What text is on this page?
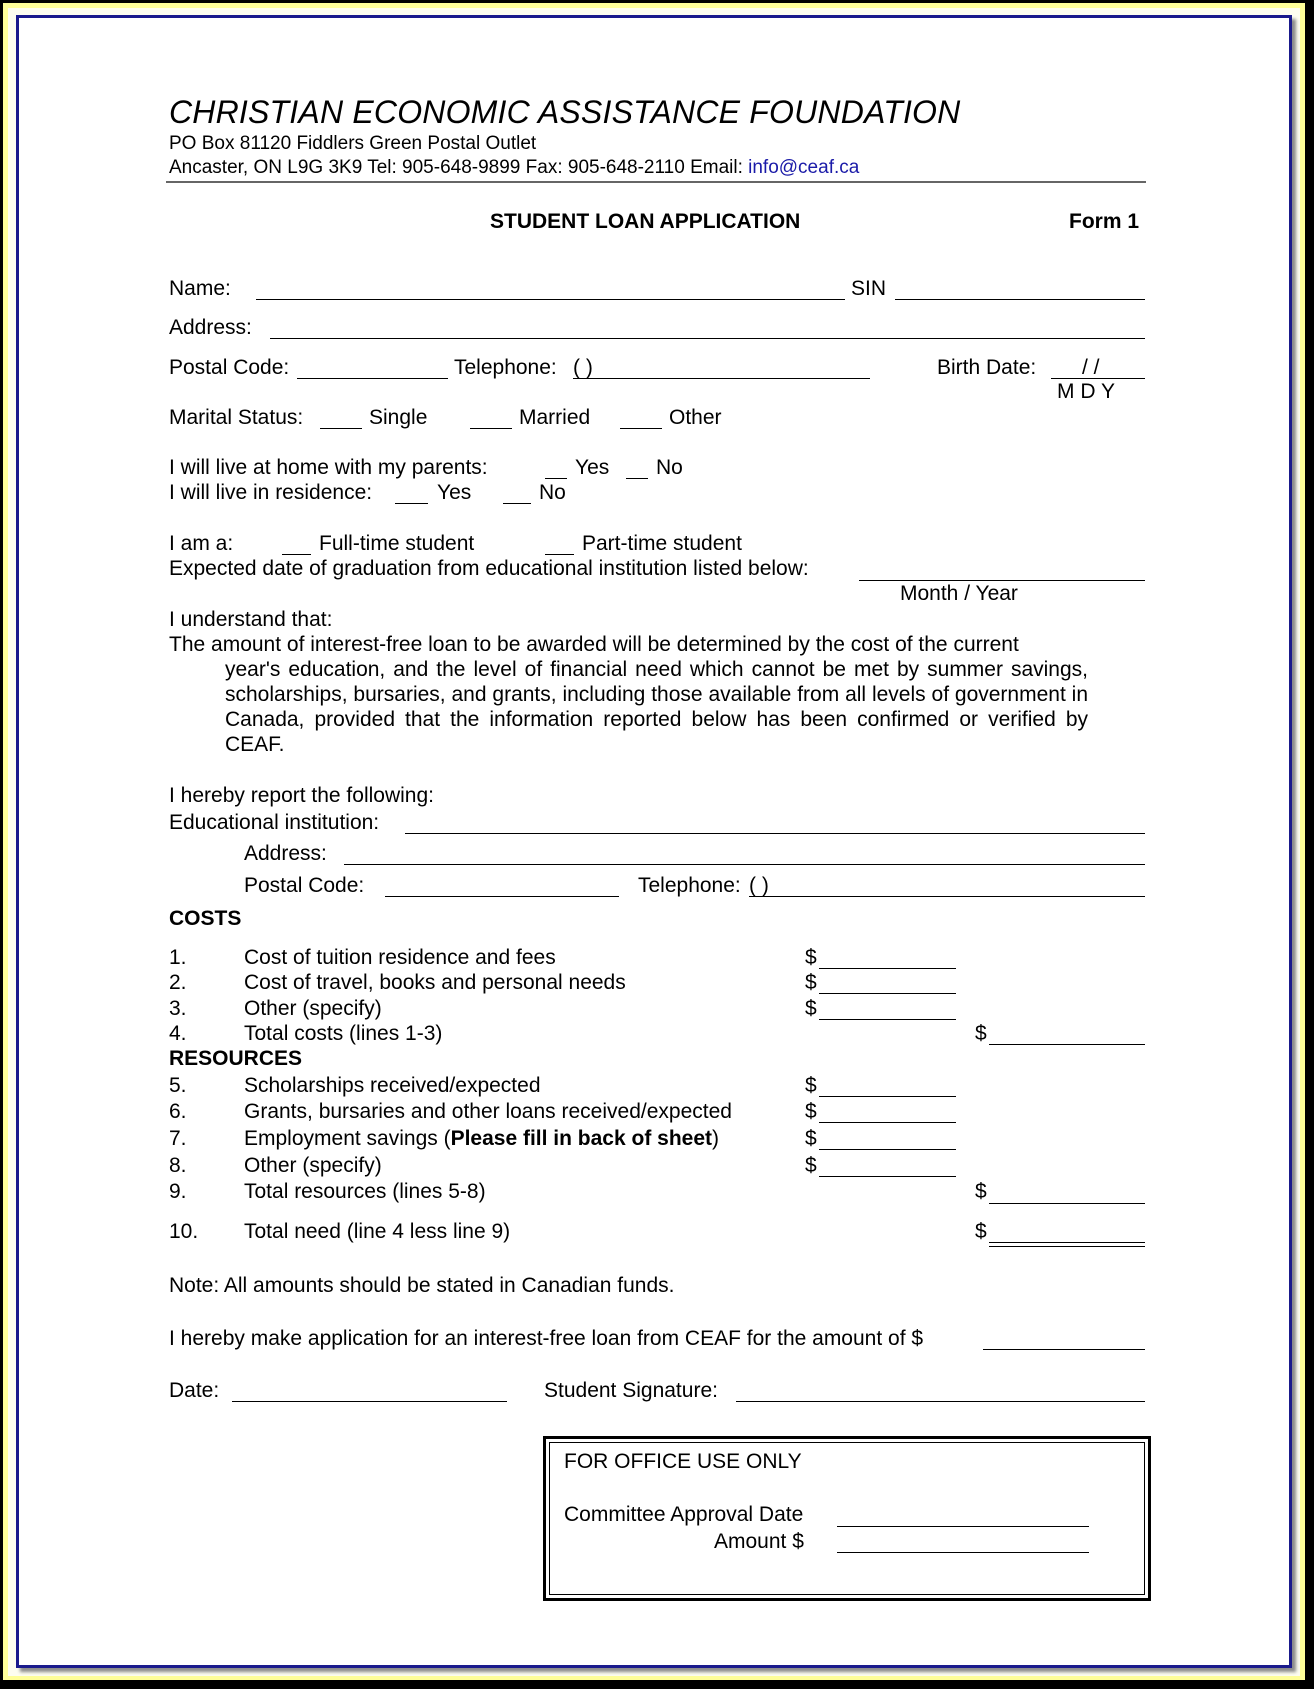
CHRISTIAN ECONOMIC ASSISTANCE FOUNDATION
PO Box 81120 Fiddlers Green Postal Outlet
Ancaster, ON L9G 3K9 Tel: 905-648-9899 Fax: 905-648-2110 Email: info@ceaf.ca
STUDENT LOAN APPLICATION	Form 1
Name:	SIN
Address:
Postal Code:	Telephone: ( )	Birth Date: / /
M D Y
Marital Status:	Single	Married	Other
I will live at home with my parents:	Yes No
I will live in residence:	Yes	No
I am a:	Full-time student	Part-time student
Expected date of graduation from educational institution listed below:
Month / Year
I understand that:
The amount of interest-free loan to be awarded will be determined by the cost of the current
year's education, and the level of financial need which cannot be met by summer savings, scholarships, bursaries, and grants, including those available from all levels of government in Canada, provided that the information reported below has been confirmed or verified by CEAF.
I hereby report the following:
Educational institution:
Address:
Postal Code:	Telephone: ( )
COSTS
1.	Cost of tuition residence and fees	$
2.	Cost of travel, books and personal needs	$
3.	Other (specify)	$
4.	Total costs (lines 1-3)	$
RESOURCES
5.	Scholarships received/expected	$
6.	Grants, bursaries and other loans received/expected	$
7.	Employment savings (Please fill in back of sheet)	$
8.	Other (specify)	$
9.	Total resources (lines 5-8)	$
10. Total need (line 4 less line 9)	$
Note: All amounts should be stated in Canadian funds.
I hereby make application for an interest-free loan from CEAF for the amount of $
Date:	Student Signature:
FOR OFFICE USE ONLY
Committee Approval Date
Amount $
